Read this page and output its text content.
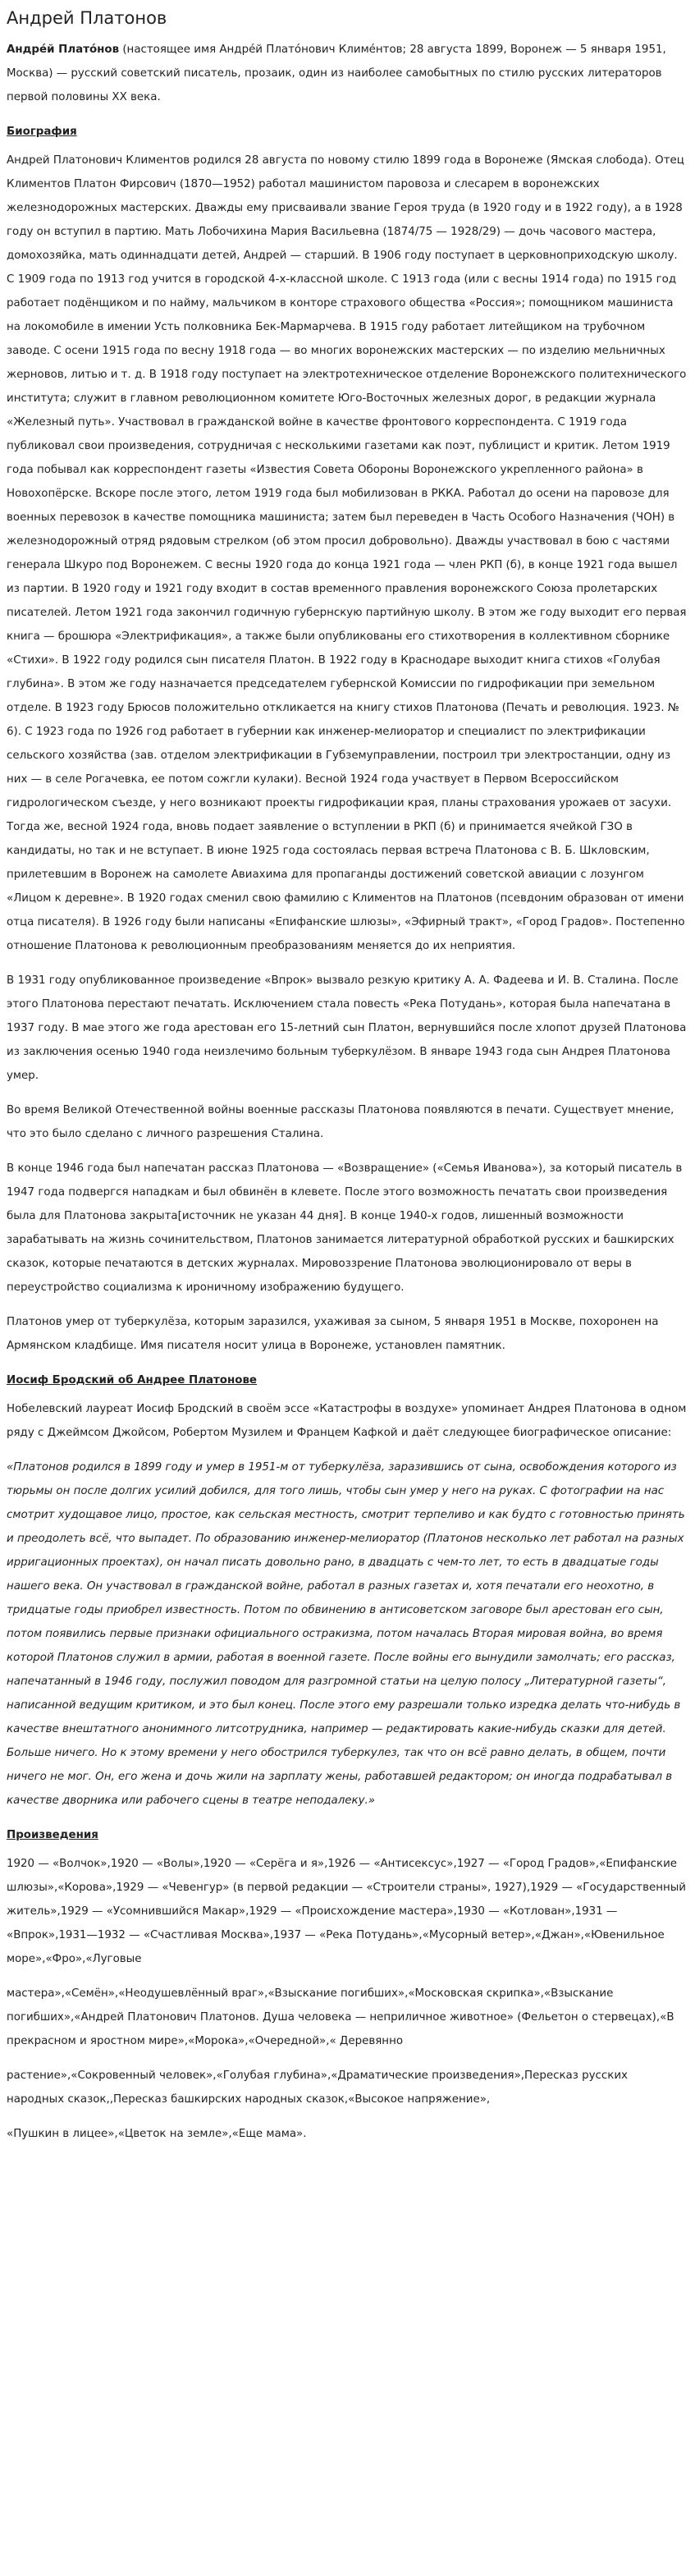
Андрей Платонов

Андре́й Плато́нов (настоящее имя Андре́й Плато́нович Климе́нтов; 28 августа 1899, Воронеж — 5 января 1951, Москва) — русский советский писатель, прозаик, один из наиболее самобытных по стилю русских литераторов первой половины XX века.

Биография

Андрей Платонович Климентов родился 28 августа по новому стилю 1899 года в Воронеже (Ямская слобода). Отец Климентов Платон Фирсович (1870—1952) работал машинистом паровоза и слесарем в воронежских железнодорожных мастерских. Дважды ему присваивали звание Героя труда (в 1920 году и в 1922 году), а в 1928 году он вступил в партию. Мать Лобочихина Мария Васильевна (1874/75 — 1928/29) — дочь часового мастера, домохозяйка, мать одиннадцати детей, Андрей — старший. В 1906 году поступает в церковноприходскую школу. С 1909 года по 1913 год учится в городской 4-х-классной школе. С 1913 года (или с весны 1914 года) по 1915 год работает подёнщиком и по найму, мальчиком в конторе страхового общества «Россия»; помощником машиниста на локомобиле в имении Усть полковника Бек-Мармарчева. В 1915 году работает литейщиком на трубочном заводе. С осени 1915 года по весну 1918 года — во многих воронежских мастерских — по изделию мельничных жерновов, литью и т. д. В 1918 году поступает на электротехническое отделение Воронежского политехнического института; служит в главном революционном комитете Юго-Восточных железных дорог, в редакции журнала «Железный путь». Участвовал в гражданской войне в качестве фронтового корреспондента. С 1919 года публиковал свои произведения, сотрудничая с несколькими газетами как поэт, публицист и критик. Летом 1919 года побывал как корреспондент газеты «Известия Совета Обороны Воронежского укрепленного района» в Новохопёрске. Вскоре после этого, летом 1919 года был мобилизован в РККА. Работал до осени на паровозе для военных перевозок в качестве помощника машиниста; затем был переведен в Часть Особого Назначения (ЧОН) в железнодорожный отряд рядовым стрелком (об этом просил добровольно). Дважды участвовал в бою с частями генерала Шкуро под Воронежем. С весны 1920 года до конца 1921 года — член РКП (б), в конце 1921 года вышел из партии. В 1920 году и 1921 году входит в состав временного правления воронежского Союза пролетарских писателей. Летом 1921 года закончил годичную губернскую партийную школу. В этом же году выходит его первая книга — брошюра «Электрификация», а также были опубликованы его стихотворения в коллективном сборнике «Стихи». В 1922 году родился сын писателя Платон. В 1922 году в Краснодаре выходит книга стихов «Голубая глубина». В этом же году назначается председателем губернской Комиссии по гидрофикации при земельном отделе. В 1923 году Брюсов положительно откликается на книгу стихов Платонова (Печать и революция. 1923. № 6). С 1923 года по 1926 год работает в губернии как инженер-мелиоратор и специалист по электрификации сельского хозяйства (зав. отделом электрификации в Губземуправлении, построил три электростанции, одну из них — в селе Рогачевка, ее потом сожгли кулаки). Весной 1924 года участвует в Первом Всероссийском гидрологическом съезде, у него возникают проекты гидрофикации края, планы страхования урожаев от засухи. Тогда же, весной 1924 года, вновь подает заявление о вступлении в РКП (б) и принимается ячейкой ГЗО в кандидаты, но так и не вступает. В июне 1925 года состоялась первая встреча Платонова с В. Б. Шкловским, прилетевшим в Воронеж на самолете Авиахима для пропаганды достижений советской авиации с лозунгом «Лицом к деревне». В 1920 годах сменил свою фамилию с Климентов на Платонов (псевдоним образован от имени отца писателя). В 1926 году были написаны «Епифанские шлюзы», «Эфирный тракт», «Город Градов». Постепенно отношение Платонова к революционным преобразованиям меняется до их неприятия.

В 1931 году опубликованное произведение «Впрок» вызвало резкую критику А. А. Фадеева и И. В. Сталина. После этого Платонова перестают печатать. Исключением стала повесть «Река Потудань», которая была напечатана в 1937 году. В мае этого же года арестован его 15-летний сын Платон, вернувшийся после хлопот друзей Платонова из заключения осенью 1940 года неизлечимо больным туберкулёзом. В январе 1943 года сын Андрея Платонова умер.

Во время Великой Отечественной войны военные рассказы Платонова появляются в печати. Существует мнение, что это было сделано с личного разрешения Сталина.

В конце 1946 года был напечатан рассказ Платонова — «Возвращение» («Семья Иванова»), за который писатель в 1947 года подвергся нападкам и был обвинён в клевете. После этого возможность печатать свои произведения была для Платонова закрыта[источник не указан 44 дня]. В конце 1940-х годов, лишенный возможности зарабатывать на жизнь сочинительством, Платонов занимается литературной обработкой русских и башкирских сказок, которые печатаются в детских журналах. Мировоззрение Платонова эволюционировало от веры в переустройство социализма к ироничному изображению будущего.

Платонов умер от туберкулёза, которым заразился, ухаживая за сыном, 5 января 1951 в Москве, похоронен на Армянском кладбище. Имя писателя носит улица в Воронеже, установлен памятник.

Иосиф Бродский об Андрее Платонове

Нобелевский лауреат Иосиф Бродский в своём эссе «Катастрофы в воздухе» упоминает Андрея Платонова в одном ряду с Джеймсом Джойсом, Робертом Музилем и Францем Кафкой и даёт следующее биографическое описание:

«Платонов родился в 1899 году и умер в 1951-м от туберкулёза, заразившись от сына, освобождения которого из тюрьмы он после долгих усилий добился, для того лишь, чтобы сын умер у него на руках. С фотографии на нас смотрит худощавое лицо, простое, как сельская местность, смотрит терпеливо и как будто с готовностью принять и преодолеть всё, что выпадет. По образованию инженер-мелиоратор (Платонов несколько лет работал на разных ирригационных проектах), он начал писать довольно рано, в двадцать с чем-то лет, то есть в двадцатые годы нашего века. Он участвовал в гражданской войне, работал в разных газетах и, хотя печатали его неохотно, в тридцатые годы приобрел известность. Потом по обвинению в антисоветском заговоре был арестован его сын, потом появились первые признаки официального остракизма, потом началась Вторая мировая война, во время которой Платонов служил в армии, работая в военной газете. После войны его вынудили замолчать; его рассказ, напечатанный в 1946 году, послужил поводом для разгромной статьи на целую полосу „Литературной газеты“, написанной ведущим критиком, и это был конец. После этого ему разрешали только изредка делать что-нибудь в качестве внештатного анонимного литсотрудника, например — редактировать какие-нибудь сказки для детей. Больше ничего. Но к этому времени у него обострился туберкулез, так что он всё равно делать, в общем, почти ничего не мог. Он, его жена и дочь жили на зарплату жены, работавшей редактором; он иногда подрабатывал в качестве дворника или рабочего сцены в театре неподалеку.»

Произведения

1920 — «Волчок»,1920 — «Волы»,1920 — «Серёга и я»,1926 — «Антисексус»,1927 — «Город Градов»,«Епифанские шлюзы»,«Корова»,1929 — «Чевенгур» (в первой редакции — «Строители страны», 1927),1929 — «Государственный житель»,1929 — «Усомнившийся Макар»,1929 — «Происхождение мастера»,1930 — «Котлован»,1931 — «Впрок»,1931—1932 — «Счастливая Москва»,1937 — «Река Потудань»,«Мусорный ветер»,«Джан»,«Ювенильное море»,«Фро»,«Луговые

мастера»,«Семён»,«Неодушевлённый враг»,«Взыскание погибших»,«Московская скрипка»,«Взыскание погибших»,«Андрей Платонович Платонов. Душа человека — неприличное животное» (Фельетон о стервецах),«В прекрасном и яростном мире»,«Морока»,«Очередной»,« Деревянно

растение»,«Сокровенный человек»,«Голубая глубина»,«Драматические произведения»,Пересказ русских народных сказок,,Пересказ башкирских народных сказок,«Высокое напряжение»,

«Пушкин в лицее»,«Цветок на земле»,«Еще мама».
